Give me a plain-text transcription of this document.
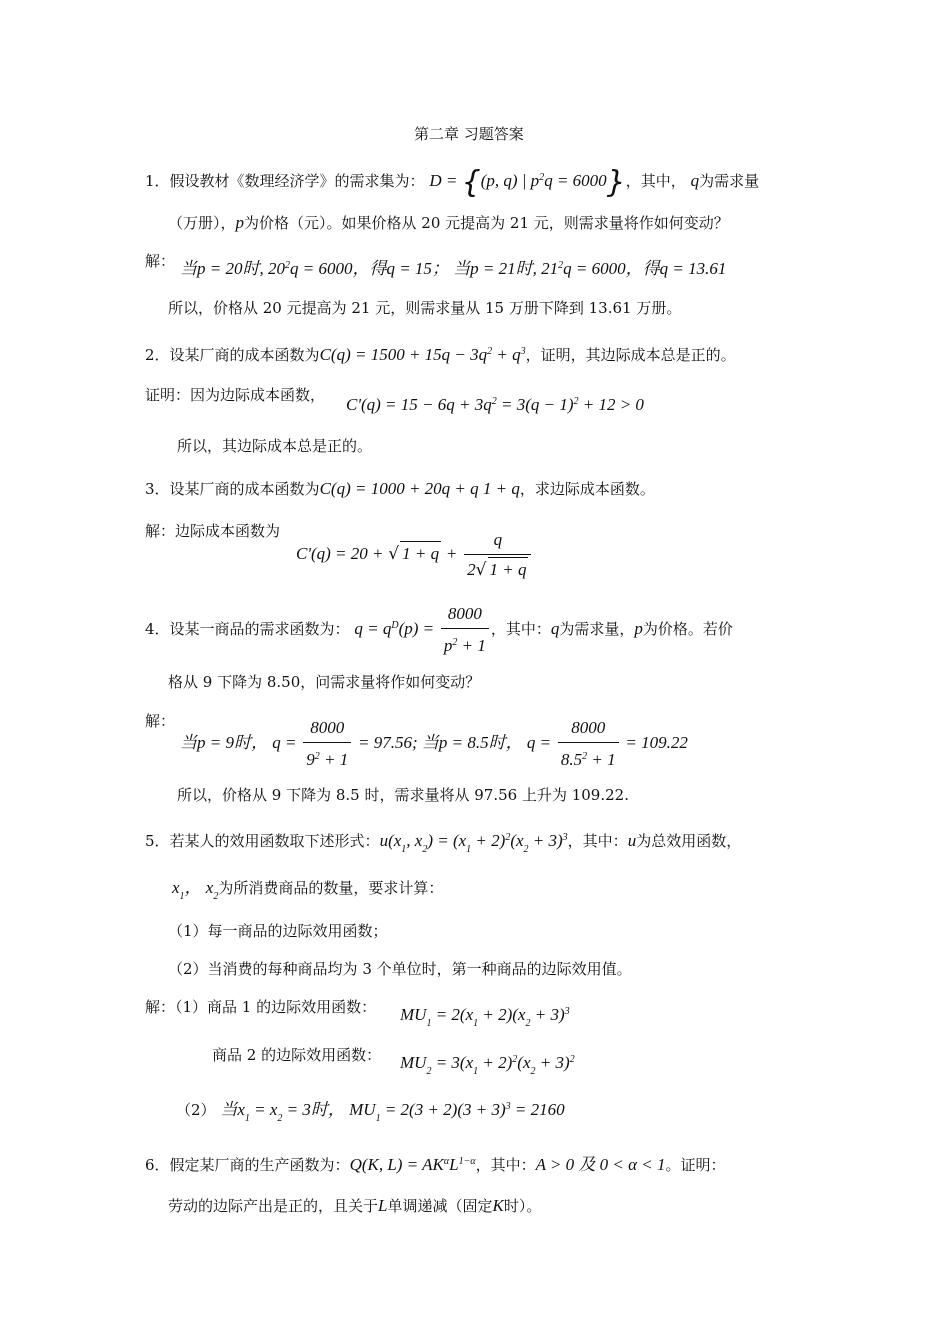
第二章 习题答案
1．假设教材《数理经济学》的需求集为： D = {(p, q) | $p^2q = 6000$}，其中， q为需求量
（万册），p为价格（元）。如果价格从 20 元提高为 21 元，则需求量将作如何变动？
解： 当p = 20时, $20^2q = 6000$，得q = 15； 当p = 21时, $21^2q = 6000$，得q = 13.61
所以，价格从 20 元提高为 21 元，则需求量从 15 万册下降到 13.61 万册。
2．设某厂商的成本函数为$C(q) = 1500 + 15q - 3q^2 + q^3$，证明，其边际成本总是正的。
证明：因为边际成本函数， $C'(q) = 15 - 6q + 3q^2 = 3(q - 1)^2 + 12 > 0$
所以，其边际成本总是正的。
3．设某厂商的成本函数为C(q) = 1000 + 20q + q 1 + q，求边际成本函数。
解：边际成本函数为
C'(q) = 20 + √ $1 + q + \frac{q}{2√ 1 + q}$
4．设某一商品的需求函数为： $q = q^D(p) = \frac{8000}{p^2 + 1}$ ，其中：q为需求量，p为价格。若价
格从 9 下降为 8.50，问需求量将作如何变动？
解：
当p = 9时， $q = \frac{8000}{9^2 + 1} = 97.56$; 当p = 8.5时， $q = \frac{8000}{8.5^2 + 1} = 109.22$
所以，价格从 9 下降为 8.5 时，需求量将从 97.56 上升为 109.22.
5．若某人的效用函数取下述形式：$u(x_1$, $x_2) = (x_1 + 2)^2(x_2 + 3)^3$，其中：u为总效用函数，
$x_1$， $x_2$为所消费商品的数量，要求计算：
（1）每一商品的边际效用函数；
（2）当消费的每种商品均为 3 个单位时，第一种商品的边际效用值。
解：（1）商品 1 的边际效用函数： $MU_1 = 2(x_1 + 2)(x_2 + 3)^3$
商品 2 的边际效用函数： $MU_2 = 3(x_1 + 2)^2(x_2 + 3)^2$
（2） 当$x_1 = x_2 = 3$时， $MU_1 = 2(3 + 2)(3 + 3)^3 = 2160$
6．假定某厂商的生产函数为：Q(K, $L) = AK^\alpha L^{1-\alpha}$，其中：A > 0 及 0 < α < 1。证明：
劳动的边际产出是正的，且关于L单调递减（固定K时）。
